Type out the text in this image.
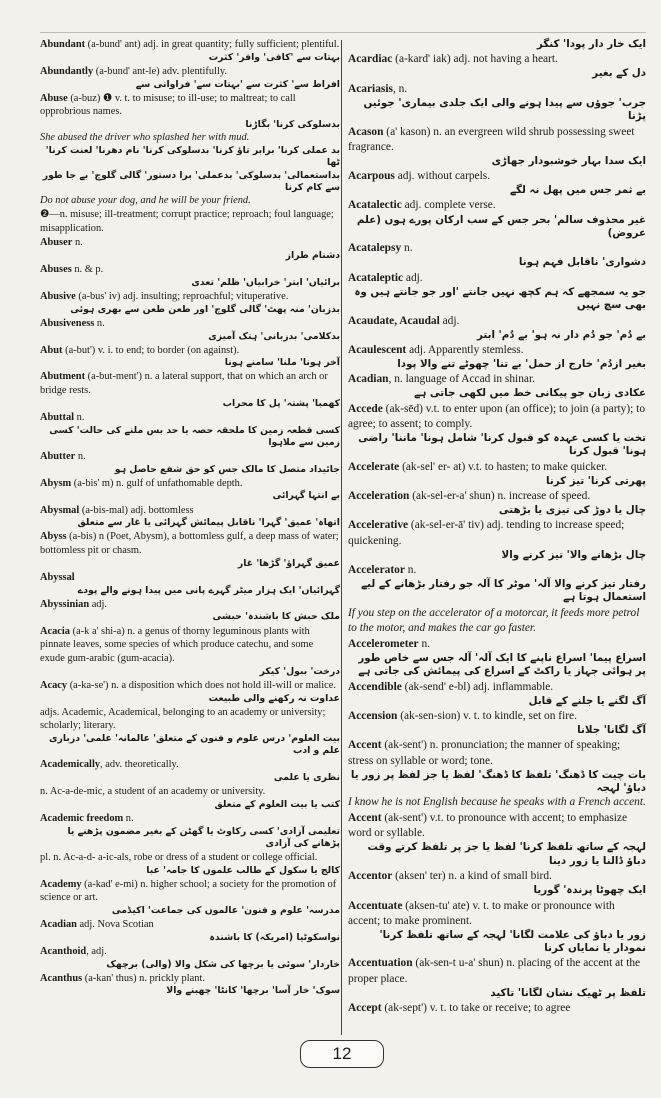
Abundant (a-bund' ant) adj. in great quantity; fully sufficient; plentiful.
بہتات سے 'کافی' وافر' کثرت
Abundantly (a-bund' ant-le) adv. plentifully.
افراط سے' کثرت سے 'بہتات سے' فراوانی سے
Abuse (a-buz) ❶ v. t. to misuse; to ill-use; to maltreat; to call opprobrious names.
بدسلوکی کرنا' بگاڑنا
She abused the driver who splashed her with mud.
بد عملی کرنا' برابر تاؤ کرنا' بدسلوکی کرنا' نام دھرنا' لعنت کرنا' ٹھا
بداستعمالی' بدسلوکی' بدعملی' برا دستور' گالی گلوچ' بے جا طور سے کام کرنا
Do not abuse your dog, and he will be your friend.
❷—n. misuse; ill-treatment; corrupt practice; reproach; foul language; misapplication.
Abuser n.
دشنام طراز
Abuses n. & p.
برائیاں' ابتر' خرابیاں' ظلم' تعدی
Abusive (a-bus' iv) adj. insulting; reproachful; vituperative.
بدزبان' منہ پھٹ' گالی گلوچ' اور طعن طعن سے بھری ہوئی
Abusiveness n.
بدکلامی' بدزبانی' ہتک آمیزی
Abut (a-but') v. i. to end; to border (on against).
آخر ہونا' ملنا' سامنے ہونا
Abutment (a-but-ment') n. a lateral support, that on which an arch or bridge rests.
کھمبا' پشتہ' پل کا محراب
Abuttal n.
کسی قطعہ زمین کا ملحقہ حصہ یا حد بس ملنے کی حالت' کسی زمین سے ملاہوا
Abutter n.
جائیداد متصل کا مالک جس کو حق شفع حاصل ہو
Abysm (a-bis' m) n. gulf of unfathomable depth.
بے انتہا گہرائی
Abysmal (a-bis-mal) adj. bottomless
اتھاہ' عمیق' گہرا' ناقابل پیمائش گہرائی یا غار سے متعلق
Abyss (a-bis) n (Poet, Abysm), a bottomless gulf, a deep mass of water; bottomless pit or chasm.
عمیق گہراؤ' گڑھا' غار
Abyssal
گہرائیاں' ایک ہزار میٹر گہرے پانی میں پیدا ہونے والے پودے
Abyssinian adj.
ملک حبش کا باشندہ' حبشی
Acacia (a-k a' shi-a) n. a genus of thorny leguminous plants with pinnate leaves, some species of which produce catechu, and some exude gum-arabic (gum-acacia).
درخت' ببول' کیکر
Acacy (a-ka-se') n. a disposition which does not hold ill-will or malice.
عداوت نہ رکھنے والی طبیعت
adjs. Academic, Academical, belonging to an academy or university; scholarly; literary.
بیت العلوم' درس علوم و فنون کے متعلق' عالمانہ' علمی' درباری علم و ادب
Academically, adv. theoretically.
نظری یا علمی
n. Ac-a-de-mic, a student of an academy or university.
کتب یا بیت العلوم کے متعلق
Academic freedom n.
تعلیمی آزادی' کسی رکاوٹ یا گھٹن کے بغیر مضمون پڑھنے یا پڑھانے کی آزادی
pl. n. Ac-a-d- a-ic-als, robe or dress of a student or college official.
کالج یا سکول کے طالب علموں کا جامہ' عبا
Academy (a-kad' e-mi) n. higher school; a society for the promotion of science or art.
مدرسہ' علوم و فنون' عالموں کی جماعت' اکیڈمی
Acadian adj. Nova Scotian
نواسکوٹیا (امریکہ) کا باشندہ
Acanthoid, adj.
خاردار' سوئی یا برچھا کی شکل والا (والی) برچھک
Acanthus (a-kan' thus) n. prickly plant.
سوک' خار آسا' برچھا' کانٹا' چھبنے والا
ایک خار دار پودا' کنگر
Acardiac (a-kard' iak) adj. not having a heart.
دل کے بغیر
Acariasis, n.
جرب' جوؤں سے پیدا ہونے والی ایک جلدی بیماری' جوئیں پڑنا
Acason (a' kason) n. an evergreen wild shrub possessing sweet fragrance.
ایک سدا بہار خوشبودار جھاڑی
Acarpous adj. without carpels.
بے ثمر جس میں پھل نہ لگے
Acatalectic adj. complete verse.
غیر محذوف سالم' بحر جس کے سب ارکان پورے ہوں (علم عروض)
Acatalepsy n.
دشواری' ناقابل فہم ہونا
Acataleptic adj.
جو یہ سمجھے کہ ہم کچھ نہیں جانتے 'اور جو جانتے ہیں وہ بھی سچ نہیں
Acaudate, Acaudal adj.
بے دُم' جو دُم دار نہ ہو' بے دُم' ابتر
Acaulescent adj. Apparently stemless.
بغیر ازدُم' خارج از حمل' بے تنا' چھوٹے تنے والا پودا
Acadian, n. language of Accad in shinar.
عکادی زبان جو پیکانی خط میں لکھی جاتی ہے
Accede (ak-sēd) v.t. to enter upon (an office); to join (a party); to agree; to assent; to comply.
تخت یا کسی عہدہ کو قبول کرنا' شامل ہونا' ماننا' راضی ہونا' قبول کرنا
Accelerate (ak-sel' er- at) v.t. to hasten; to make quicker.
پھرتی کرنا' تیز کرنا
Acceleration (ak-sel-er-a' shun) n. increase of speed.
چال یا دوڑ کی تیزی یا بڑھتی
Accelerative (ak-sel-er-ā' tiv) adj. tending to increase speed; quickening.
چال بڑھانے والا' تیز کرنے والا
Accelerator n.
رفتار تیز کرنے والا آلہ' موٹر کا آلہ جو رفتار بڑھانے کے لیے استعمال ہوتا ہے
If you step on the accelerator of a motorcar, it feeds more petrol to the motor, and makes the car go faster.
Accelerometer n.
اسراع پیما' اسراع ناپنے کا ایک آلہ' آلہ جس سے خاص طور پر ہوائی جہاز یا راکٹ کے اسراع کی پیمائش کی جاتی ہے
Accendible (ak-send' e-bl) adj. inflammable.
آگ لگنے یا جلنے کے قابل
Accension (ak-sen-sion) v. t. to kindle, set on fire.
آگ لگانا' جلانا
Accent (ak-sent') n. pronunciation; the manner of speaking; stress on syllable or word; tone.
بات چیت کا ڈھنگ' تلفظ کا ڈھنگ' لفظ یا جز لفظ پر زور یا دباؤ' لہجہ
I know he is not English because he speaks with a French accent.
Accent (ak-sent') v.t. to pronounce with accent; to emphasize word or syllable.
لہجہ کے ساتھ تلفظ کرنا' لفظ یا جز پر تلفظ کرتے وقت دباؤ ڈالنا یا زور دینا
Accentor (aksen' ter) n. a kind of small bird.
ایک چھوٹا پرندہ' گوریا
Accentuate (aksen-tu' ate) v. t. to make or pronounce with accent; to make prominent.
زور یا دباؤ کی علامت لگانا' لہجہ کے ساتھ تلفظ کرنا' نمودار یا نمایاں کرنا
Accentuation (ak-sen-t u-a' shun) n. placing of the accent at the proper place.
تلفظ پر ٹھیک نشان لگانا' تاکید
Accept (ak-sept') v. t. to take or receive; to agree
12
